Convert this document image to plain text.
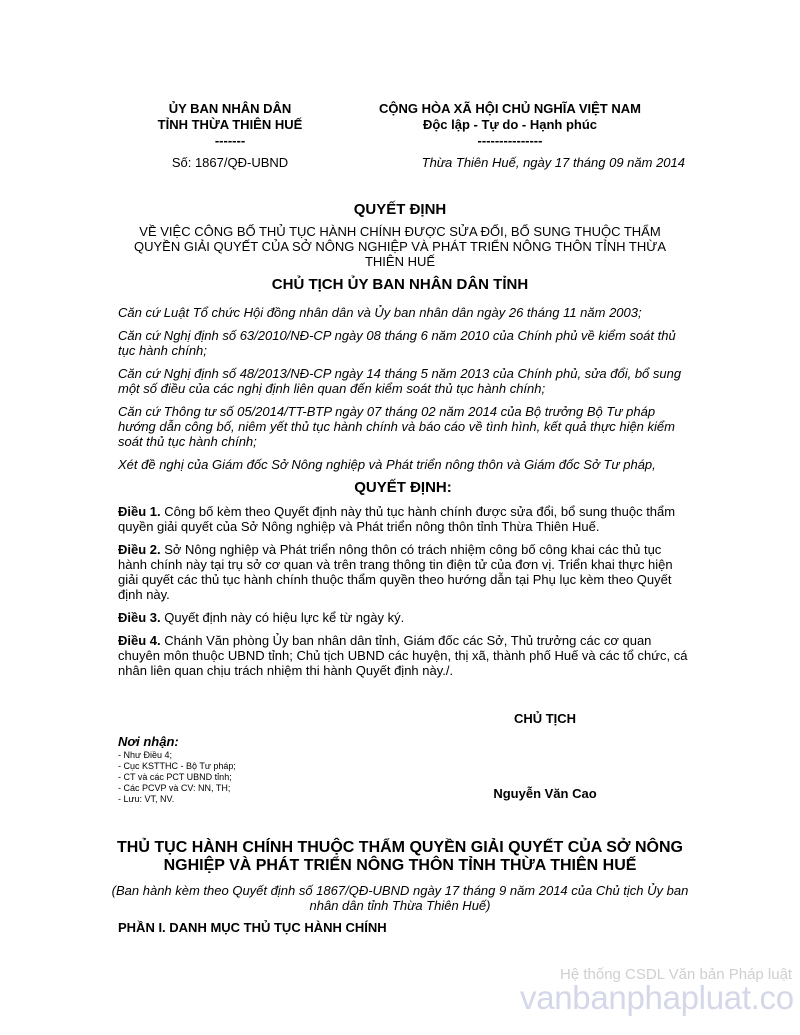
ỦY BAN NHÂN DÂN
TỈNH THỪA THIÊN HUẾ
-------
CỘNG HÒA XÃ HỘI CHỦ NGHĨA VIỆT NAM
Độc lập - Tự do - Hạnh phúc
---------------
Số: 1867/QĐ-UBND	Thừa Thiên Huế, ngày 17 tháng 09 năm 2014
QUYẾT ĐỊNH
VỀ VIỆC CÔNG BỐ THỦ TỤC HÀNH CHÍNH ĐƯỢC SỬA ĐỔI, BỔ SUNG THUỘC THẨM QUYỀN GIẢI QUYẾT CỦA SỞ NÔNG NGHIỆP VÀ PHÁT TRIỂN NÔNG THÔN TỈNH THỪA THIÊN HUẾ
CHỦ TỊCH ỦY BAN NHÂN DÂN TỈNH

Căn cứ Luật Tổ chức Hội đồng nhân dân và Ủy ban nhân dân ngày 26 tháng 11 năm 2003;

Căn cứ Nghị định số 63/2010/NĐ-CP ngày 08 tháng 6 năm 2010 của Chính phủ về kiểm soát thủ tục hành chính;

Căn cứ Nghị định số 48/2013/NĐ-CP ngày 14 tháng 5 năm 2013 của Chính phủ, sửa đổi, bổ sung một số điều của các nghị định liên quan đến kiểm soát thủ tục hành chính;

Căn cứ Thông tư số 05/2014/TT-BTP ngày 07 tháng 02 năm 2014 của Bộ trưởng Bộ Tư pháp hướng dẫn công bố, niêm yết thủ tục hành chính và báo cáo về tình hình, kết quả thực hiện kiểm soát thủ tục hành chính;

Xét đề nghị của Giám đốc Sở Nông nghiệp và Phát triển nông thôn và Giám đốc Sở Tư pháp,

QUYẾT ĐỊNH:

Điều 1. Công bố kèm theo Quyết định này thủ tục hành chính được sửa đổi, bổ sung thuộc thẩm quyền giải quyết của Sở Nông nghiệp và Phát triển nông thôn tỉnh Thừa Thiên Huế.

Điều 2. Sở Nông nghiệp và Phát triển nông thôn có trách nhiệm công bố công khai các thủ tục hành chính này tại trụ sở cơ quan và trên trang thông tin điện tử của đơn vị. Triển khai thực hiện giải quyết các thủ tục hành chính thuộc thẩm quyền theo hướng dẫn tại Phụ lục kèm theo Quyết định này.

Điều 3. Quyết định này có hiệu lực kể từ ngày ký.

Điều 4. Chánh Văn phòng Ủy ban nhân dân tỉnh, Giám đốc các Sở, Thủ trưởng các cơ quan chuyên môn thuộc UBND tỉnh; Chủ tịch UBND các huyện, thị xã, thành phố Huế và các tổ chức, cá nhân liên quan chịu trách nhiệm thi hành Quyết định này./.

CHỦ TỊCH
Nguyễn Văn Cao
Nơi nhận:
- Như Điều 4;
- Cục KSTTHC - Bộ Tư pháp;
- CT và các PCT UBND tỉnh;
- Các PCVP và CV: NN, TH;
- Lưu: VT, NV.
THỦ TỤC HÀNH CHÍNH THUỘC THẨM QUYỀN GIẢI QUYẾT CỦA SỞ NÔNG NGHIỆP VÀ PHÁT TRIỂN NÔNG THÔN TỈNH THỪA THIÊN HUẾ
(Ban hành kèm theo Quyết định số 1867/QĐ-UBND ngày 17 tháng 9 năm 2014 của Chủ tịch Ủy ban nhân dân tỉnh Thừa Thiên Huế)
PHẦN I. DANH MỤC THỦ TỤC HÀNH CHÍNH
Hệ thống CSDL Văn bản Pháp luật
vanbanphapluat.co
